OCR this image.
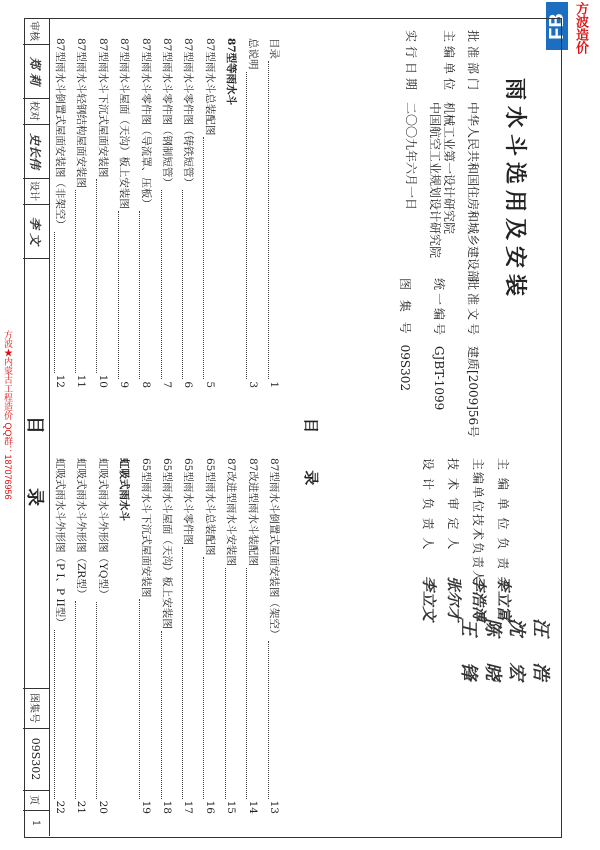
FB 方波造价
方波★内蒙古工程造价 QQ群：187076956
雨水斗选用及安装
批准部门　中华人民共和国住房和城乡建设部
主编单位　机械工业第一设计研究院
　中国航空工业规划设计研究院
实行日期　二〇〇九年六月一日
批准文号建质[2009]56号
统一编号GJBT-1099
图 集 号09S302
目 录
目录
1
总说明
3
87型等雨水斗
87型雨水斗总装配图
5
87型雨水斗零件图（铸铁短管）
6
87型雨水斗零件图（钢制短管）
7
87型雨水斗零件图（导流罩、压板）
8
87型雨水斗屋面（天沟）板上安装图
9
87型雨水斗下沉式屋面安装图
10
87型雨水斗轻钢结构屋面安装图
11
87型雨水斗倒置式屋面安装图（非架空）
12
87型雨水斗倒置式屋面安装图（架空）
13
87改进型雨水斗装配图
14
87改进型雨水斗安装图
15
65型雨水斗总装配图
16
65型雨水斗零件图
17
65型雨水斗屋面（天沟）板上安装图
18
65型雨水斗下沉式屋面安装图
19
虹吸式雨水斗
虹吸式雨水斗外形图（YQ型）
20
虹吸式雨水斗外形图（ZR型）
21
虹吸式雨水斗外形图（P I、P II型）
22
主 编 单 位 负 责 人李立富
主编单位技术负责人李浩溥
技 术 审 定 人张尔才
设 计 负 责 人李立文
汪 浩
沈 宏
陈 晓
王 锋
审核
郑 莉
校对
史长伟
设计
李 文
目 录
图集号
09S302
页
1
